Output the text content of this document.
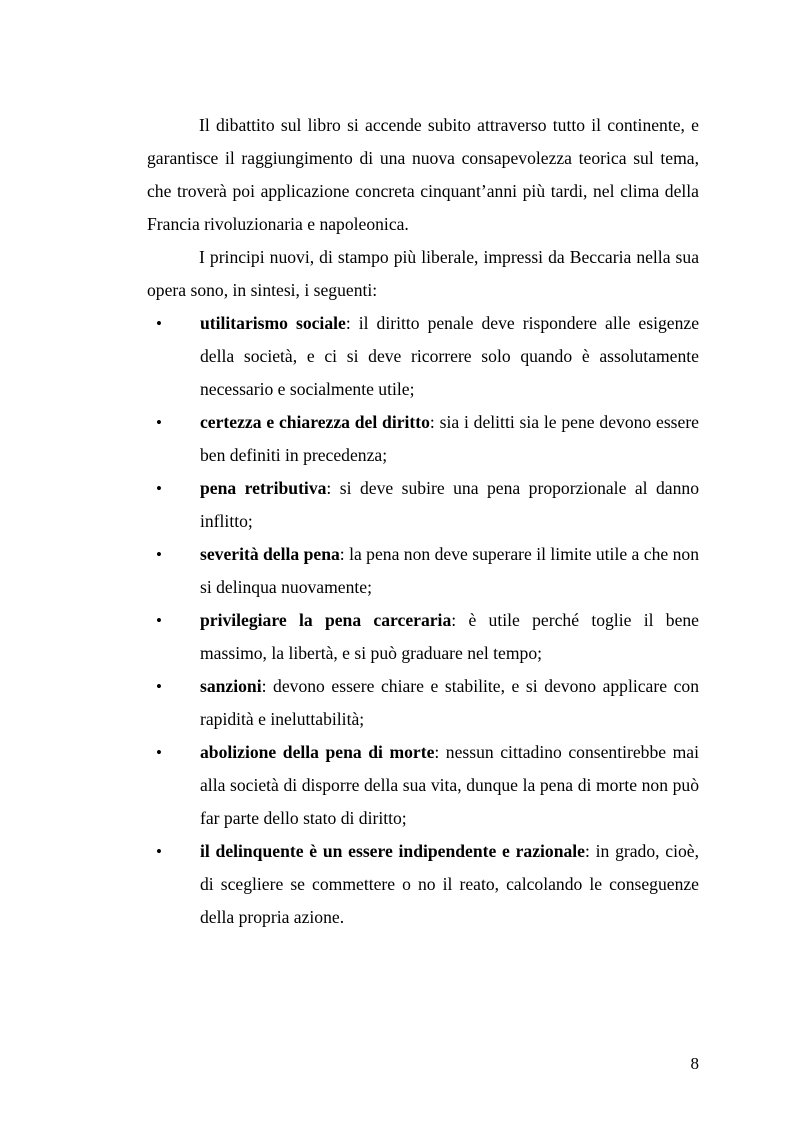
Il dibattito sul libro si accende subito attraverso tutto il continente, e garantisce il raggiungimento di una nuova consapevolezza teorica sul tema, che troverà poi applicazione concreta cinquant’anni più tardi, nel clima della Francia rivoluzionaria e napoleonica.

I principi nuovi, di stampo più liberale, impressi da Beccaria nella sua opera sono, in sintesi, i seguenti:

• utilitarismo sociale: il diritto penale deve rispondere alle esigenze della società, e ci si deve ricorrere solo quando è assolutamente necessario e socialmente utile;
• certezza e chiarezza del diritto: sia i delitti sia le pene devono essere ben definiti in precedenza;
• pena retributiva: si deve subire una pena proporzionale al danno inflitto;
• severità della pena: la pena non deve superare il limite utile a che non si delinqua nuovamente;
• privilegiare la pena carceraria: è utile perché toglie il bene massimo, la libertà, e si può graduare nel tempo;
• sanzioni: devono essere chiare e stabilite, e si devono applicare con rapidità e ineluttabilità;
• abolizione della pena di morte: nessun cittadino consentirebbe mai alla società di disporre della sua vita, dunque la pena di morte non può far parte dello stato di diritto;
• il delinquente è un essere indipendente e razionale: in grado, cioè, di scegliere se commettere o no il reato, calcolando le conseguenze della propria azione.
8
